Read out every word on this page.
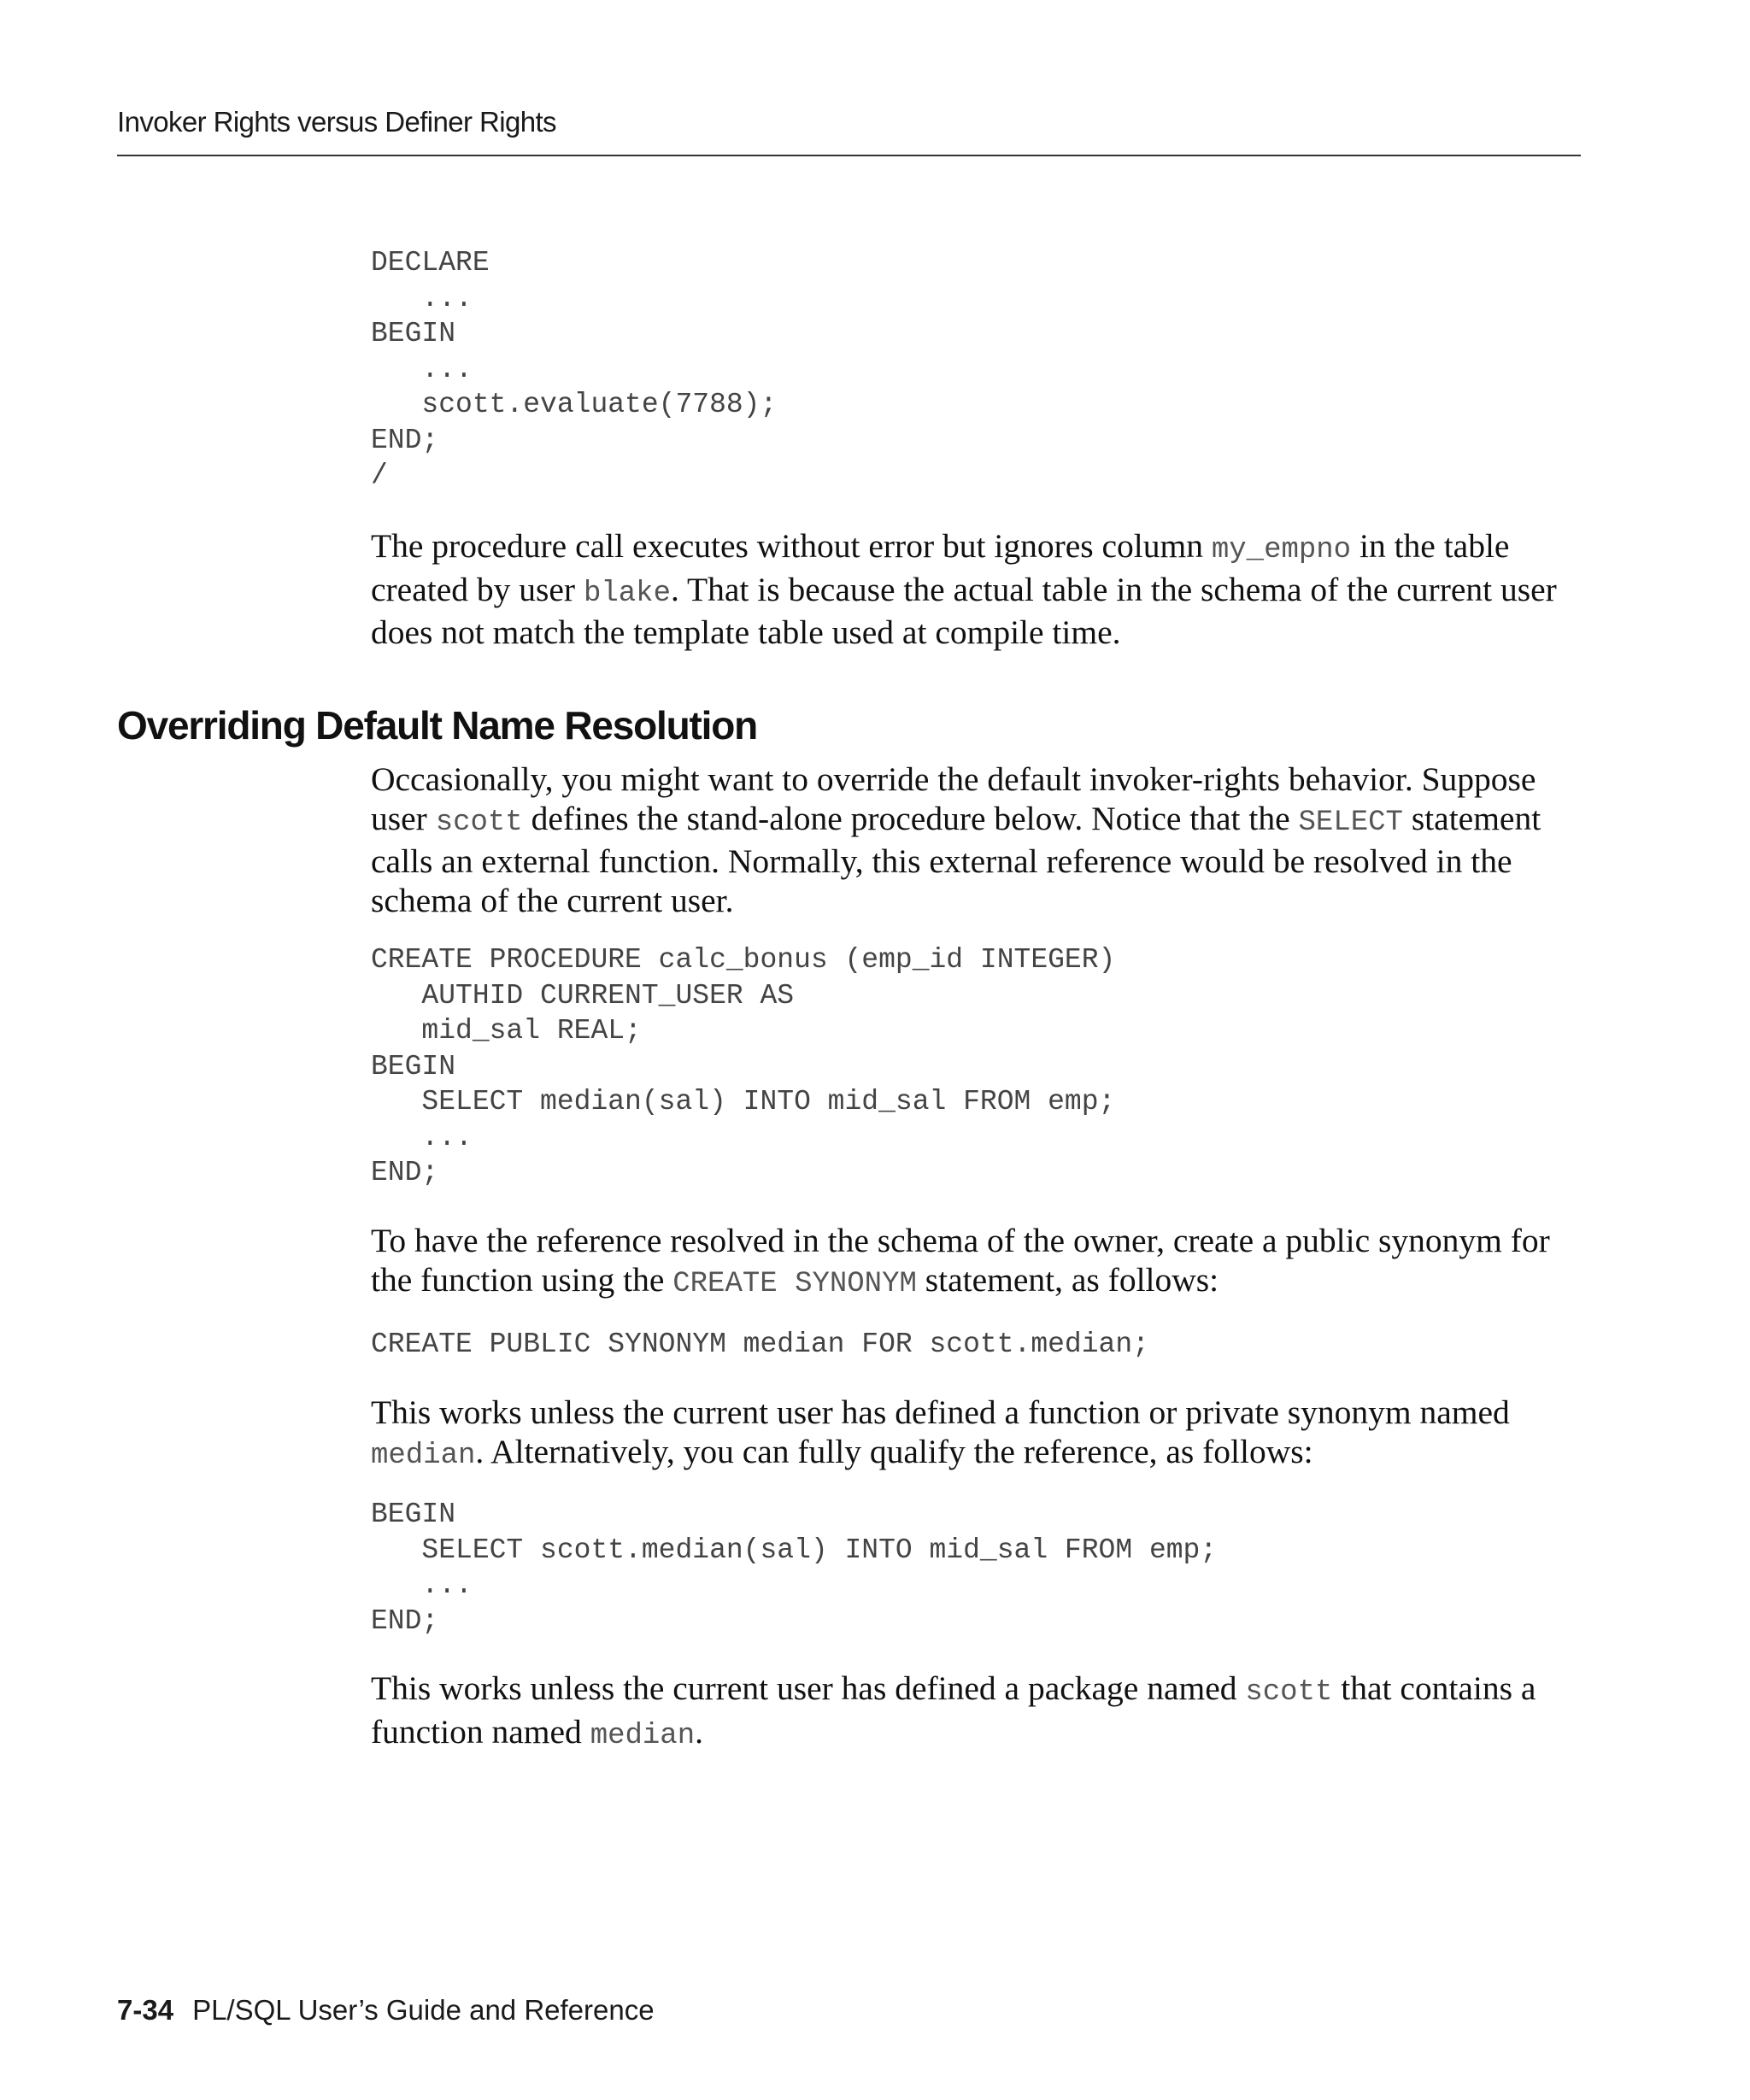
Invoker Rights versus Definer Rights
DECLARE
...
BEGIN
...
scott.evaluate(7788);
END;
/

The procedure call executes without error but ignores column my_empno in the table created by user blake. That is because the actual table in the schema of the current user does not match the template table used at compile time.

Overriding Default Name Resolution

Occasionally, you might want to override the default invoker-rights behavior. Suppose user scott defines the stand-alone procedure below. Notice that the SELECT statement calls an external function. Normally, this external reference would be resolved in the schema of the current user.

CREATE PROCEDURE calc_bonus (emp_id INTEGER)
AUTHID CURRENT_USER AS
mid_sal REAL;
BEGIN
SELECT median(sal) INTO mid_sal FROM emp;
...
END;

To have the reference resolved in the schema of the owner, create a public synonym for the function using the CREATE SYNONYM statement, as follows:

CREATE PUBLIC SYNONYM median FOR scott.median;

This works unless the current user has defined a function or private synonym named median. Alternatively, you can fully qualify the reference, as follows:

BEGIN
SELECT scott.median(sal) INTO mid_sal FROM emp;
...
END;

This works unless the current user has defined a package named scott that contains a function named median.

7-34 PL/SQL User’s Guide and Reference
